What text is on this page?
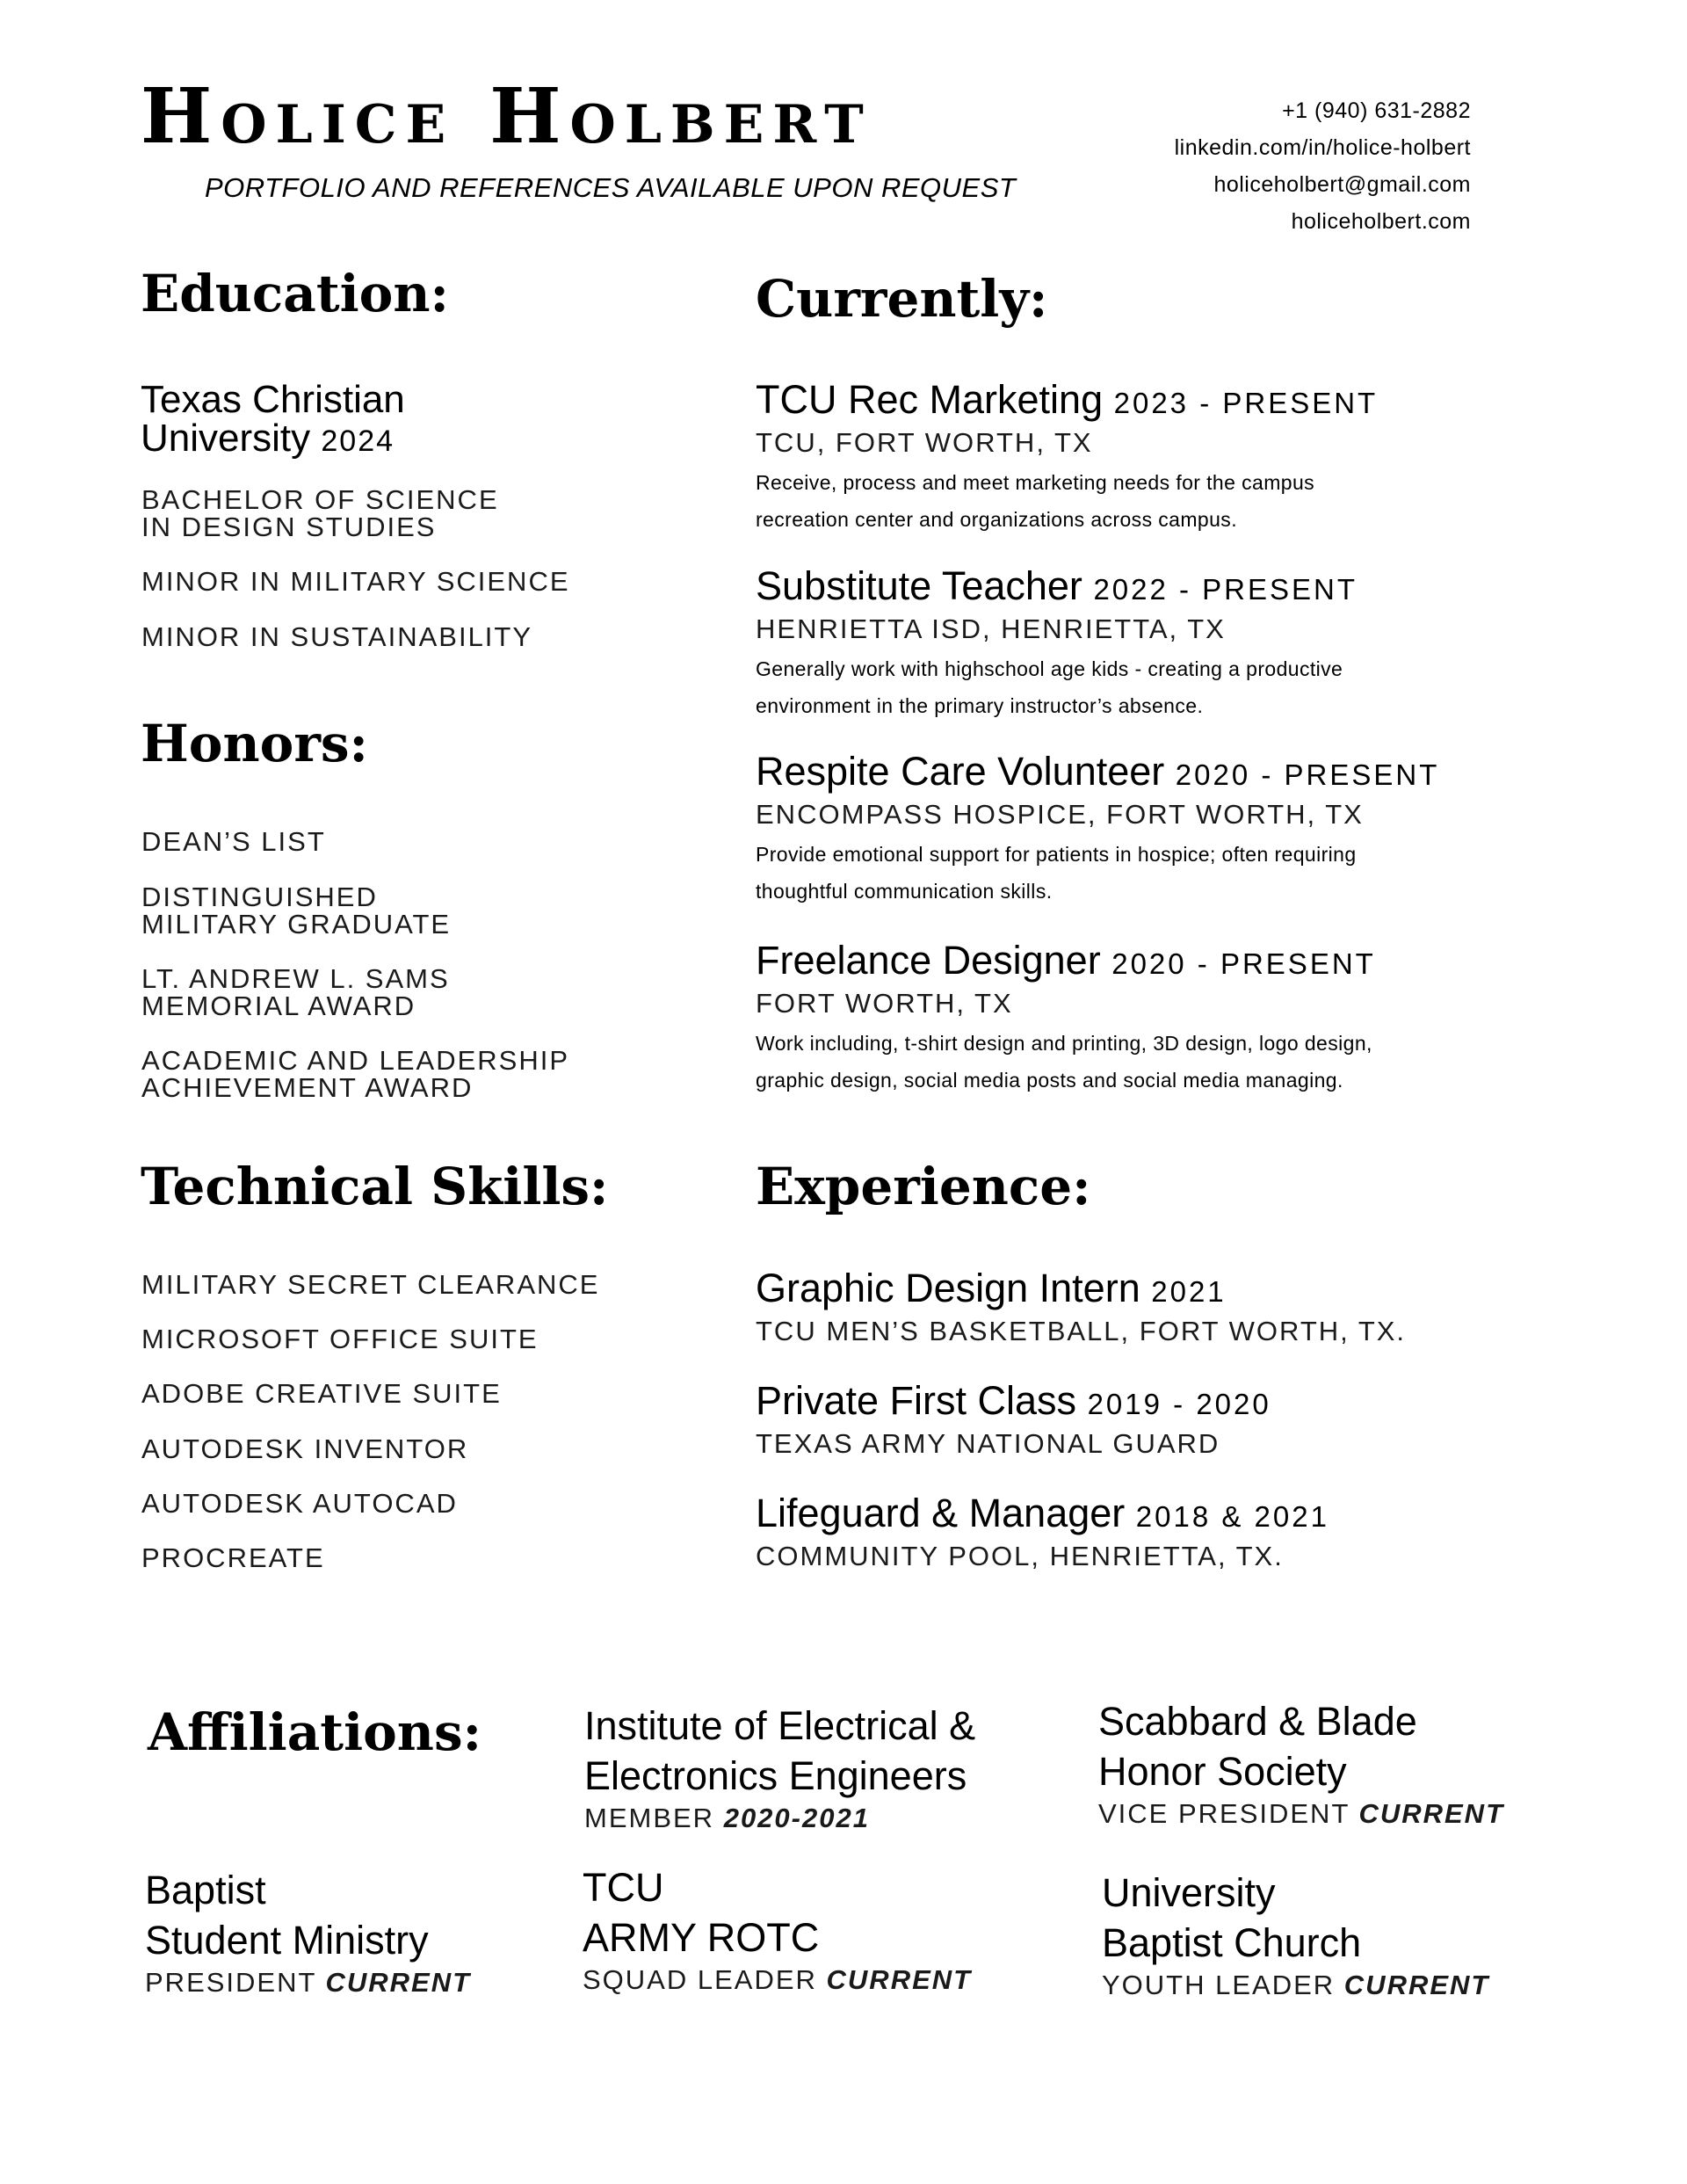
Holice Holbert
PORTFOLIO AND REFERENCES AVAILABLE UPON REQUEST
+1 (940) 631-2882
linkedin.com/in/holice-holbert
holiceholbert@gmail.com
holiceholbert.com
Education:
Texas Christian
University 2024
BACHELOR OF SCIENCE
IN DESIGN STUDIES
MINOR IN MILITARY SCIENCE
MINOR IN SUSTAINABILITY
Honors:
DEAN’S LIST
DISTINGUISHED
MILITARY GRADUATE
LT. ANDREW L. SAMS
MEMORIAL AWARD
ACADEMIC AND LEADERSHIP
ACHIEVEMENT AWARD
Technical Skills:
MILITARY SECRET CLEARANCE
MICROSOFT OFFICE SUITE
ADOBE CREATIVE SUITE
AUTODESK INVENTOR
AUTODESK AUTOCAD
PROCREATE
Currently:
TCU Rec Marketing 2023 - PRESENT
TCU, FORT WORTH, TX
Receive, process and meet marketing needs for the campus
recreation center and organizations across campus.
Substitute Teacher 2022 - PRESENT
HENRIETTA ISD, HENRIETTA, TX
Generally work with highschool age kids - creating a productive
environment in the primary instructor’s absence.
Respite Care Volunteer 2020 - PRESENT
ENCOMPASS HOSPICE, FORT WORTH, TX
Provide emotional support for patients in hospice; often requiring
thoughtful communication skills.
Freelance Designer 2020 - PRESENT
FORT WORTH, TX
Work including, t-shirt design and printing, 3D design, logo design,
graphic design, social media posts and social media managing.
Experience:
Graphic Design Intern 2021
TCU MEN’S BASKETBALL, FORT WORTH, TX.
Private First Class 2019 - 2020
TEXAS ARMY NATIONAL GUARD
Lifeguard & Manager 2018 & 2021
COMMUNITY POOL, HENRIETTA, TX.
Affiliations:	Institute of Electrical &
Electronics Engineers
MEMBER 2020-2021
Scabbard & Blade
Honor Society
VICE PRESIDENT CURRENT
Baptist
Student Ministry
PRESIDENT CURRENT
TCU
ARMY ROTC
SQUAD LEADER CURRENT
University
Baptist Church
YOUTH LEADER CURRENT
